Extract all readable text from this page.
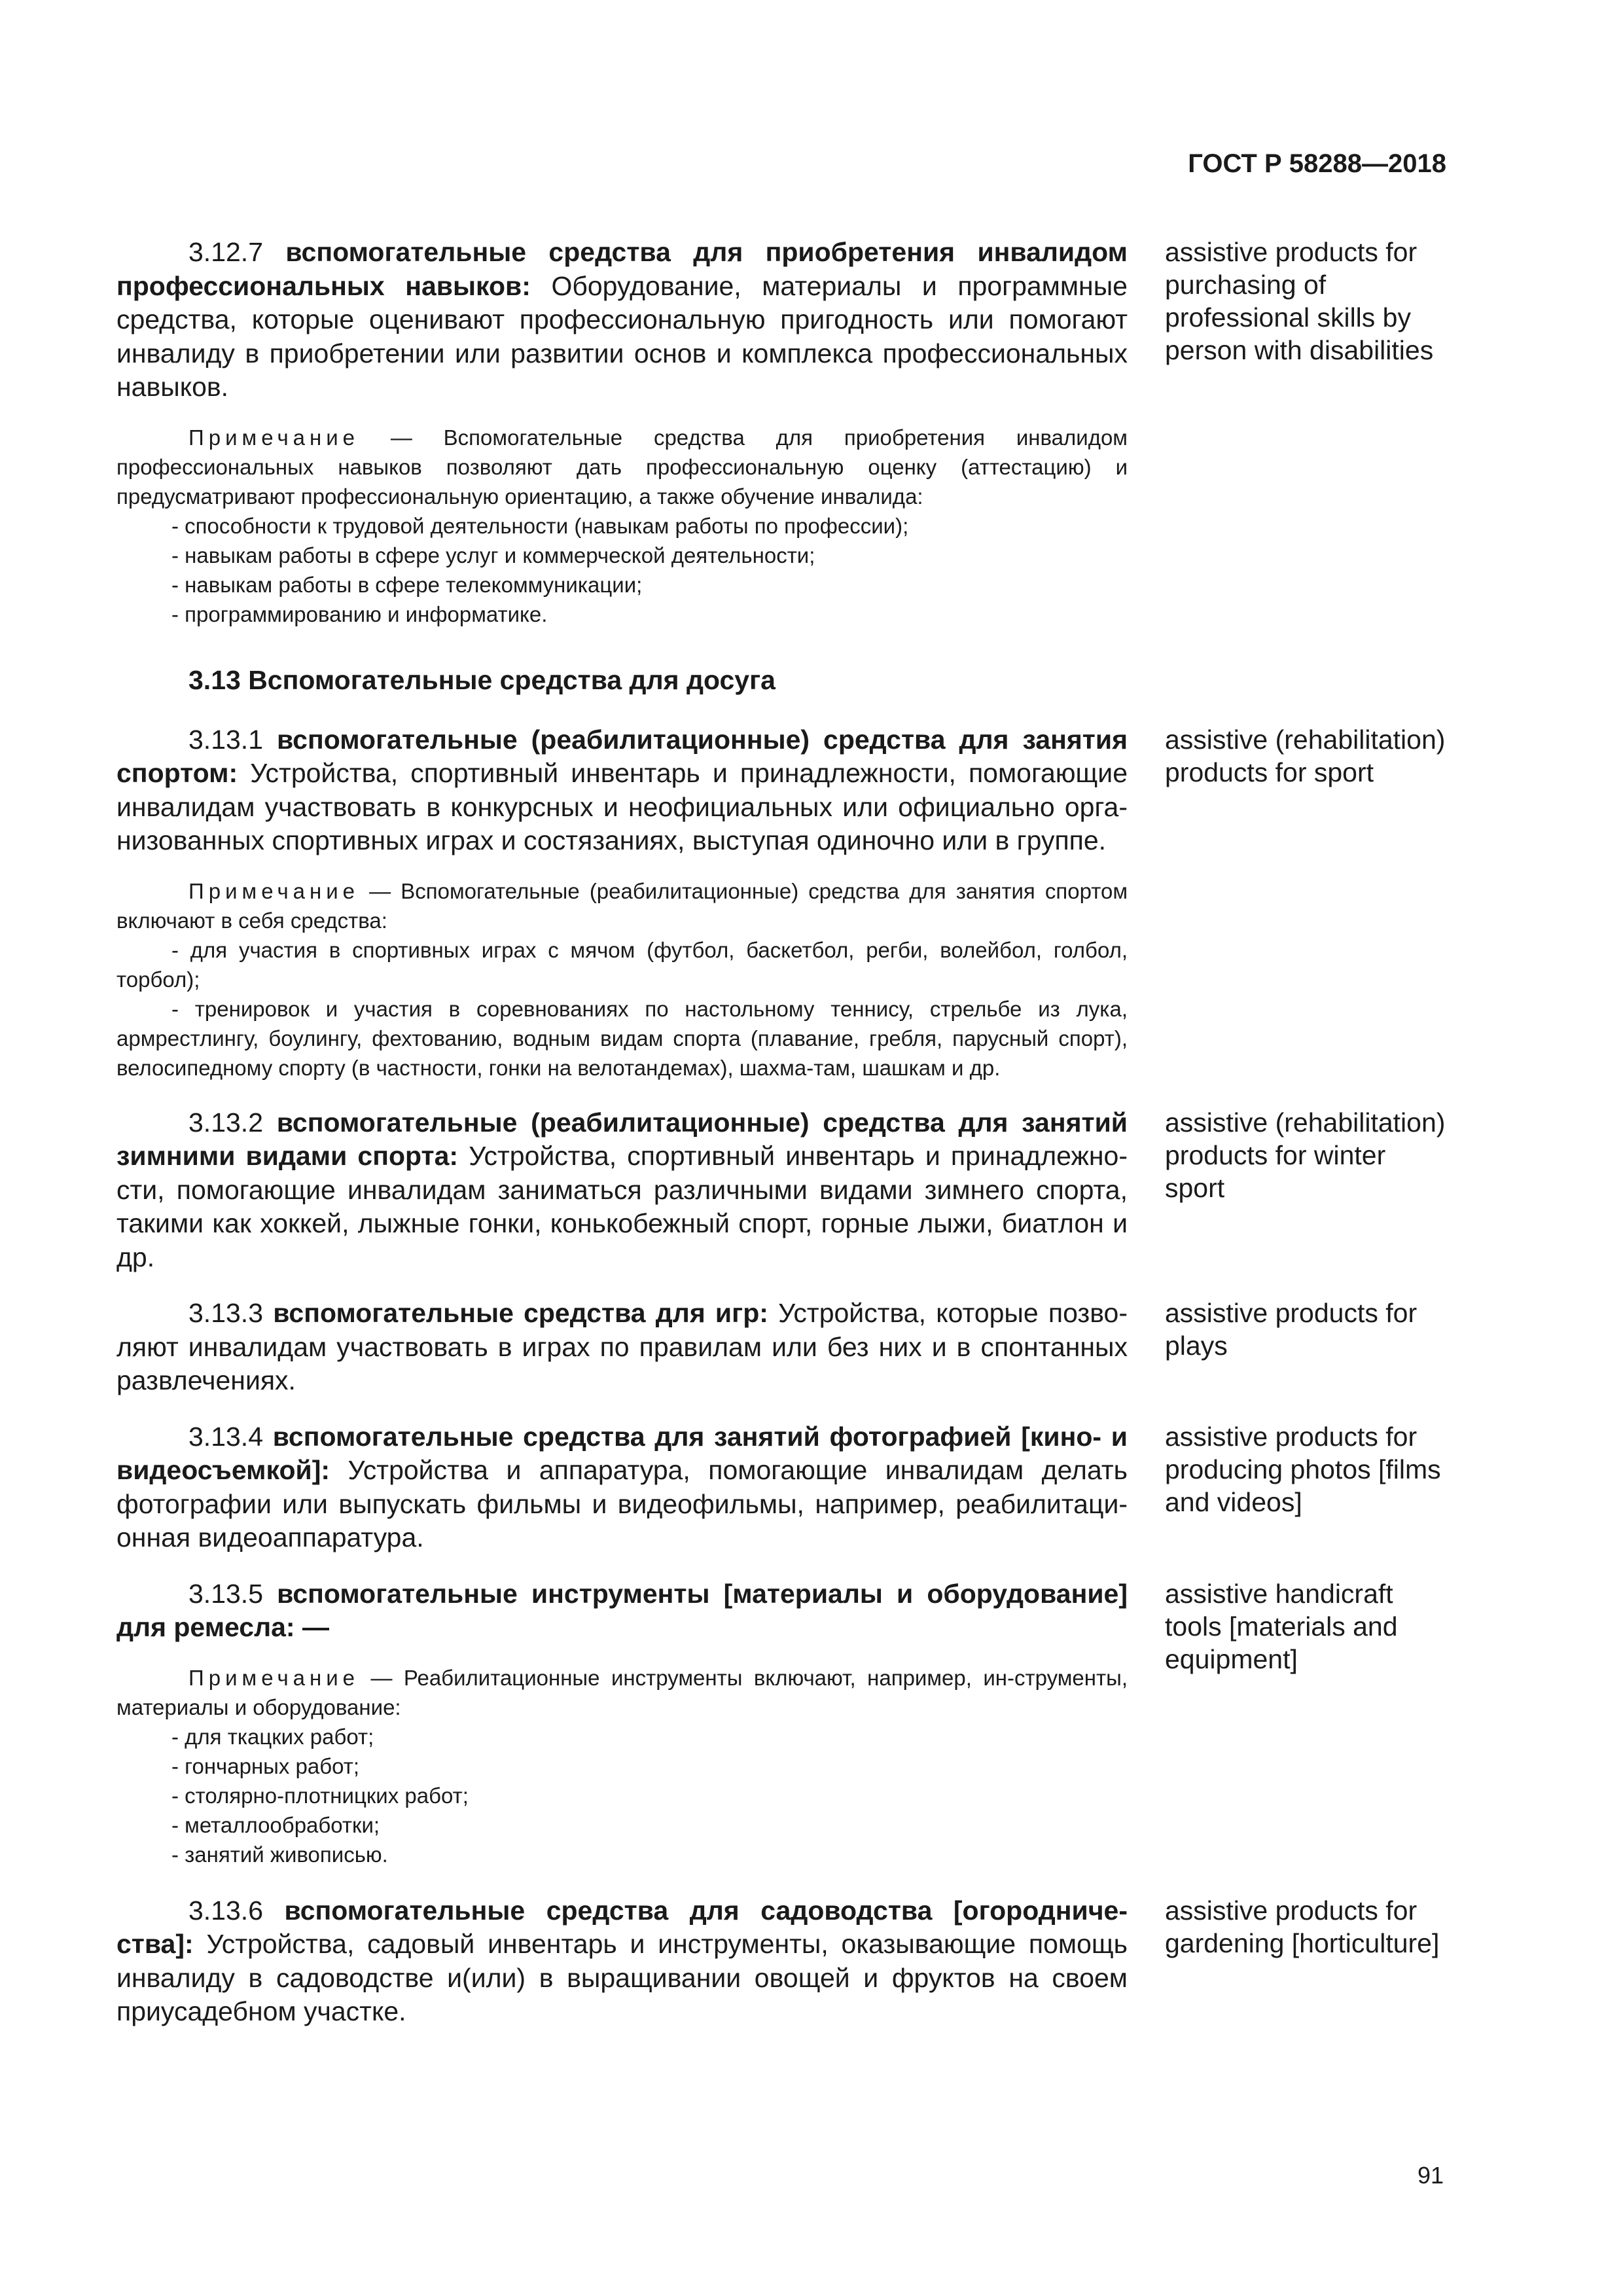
ГОСТ Р 58288—2018

3.12.7 вспомогательные средства для приобретения инвалидом профессиональных навыков: Оборудование, материалы и программные средства, которые оценивают профессиональную пригодность или помогают инвалиду в приобретении или развитии основ и комплекса профессиональных навыков.

assistive products for purchasing of professional skills by person with disabilities

Примечание — Вспомогательные средства для приобретения инвалидом профессиональных навыков позволяют дать профессиональную оценку (аттестацию) и предусматривают профессиональную ориентацию, а также обучение инвалида:

- способности к трудовой деятельности (навыкам работы по профессии);
- навыкам работы в сфере услуг и коммерческой деятельности;
- навыкам работы в сфере телекоммуникации;
- программированию и информатике.

3.13 Вспомогательные средства для досуга

3.13.1 вспомогательные (реабилитационные) средства для занятия спортом: Устройства, спортивный инвентарь и принадлежности, помогающие инвалидам участвовать в конкурсных и неофициальных или официально орга-низованных спортивных играх и состязаниях, выступая одиночно или в группе.

assistive (rehabilitation) products for sport

Примечание — Вспомогательные (реабилитационные) средства для занятия спортом включают в себя средства:

- для участия в спортивных играх с мячом (футбол, баскетбол, регби, волейбол, голбол, торбол);
- тренировок и участия в соревнованиях по настольному теннису, стрельбе из лука, армрестлингу, боулингу, фехтованию, водным видам спорта (плавание, гребля, парусный спорт), велосипедному спорту (в частности, гонки на велотандемах), шахма-там, шашкам и др.

3.13.2 вспомогательные (реабилитационные) средства для занятий зимними видами спорта: Устройства, спортивный инвентарь и принадлежно-сти, помогающие инвалидам заниматься различными видами зимнего спорта, такими как хоккей, лыжные гонки, конькобежный спорт, горные лыжи, биатлон и др.

assistive (rehabilitation) products for winter sport

3.13.3 вспомогательные средства для игр: Устройства, которые позво-ляют инвалидам участвовать в играх по правилам или без них и в спонтанных развлечениях.

assistive products for plays

3.13.4 вспомогательные средства для занятий фотографией [кино- и видеосъемкой]: Устройства и аппаратура, помогающие инвалидам делать фотографии или выпускать фильмы и видеофильмы, например, реабилитаци-онная видеоаппаратура.

assistive products for producing photos [films and videos]

3.13.5 вспомогательные инструменты [материалы и оборудование] для ремесла: —

Примечание — Реабилитационные инструменты включают, например, ин-струменты, материалы и оборудование:

- для ткацких работ;
- гончарных работ;
- столярно-плотницких работ;
- металлообработки;
- занятий живописью.
assistive handicraft tools [materials and equipment]

3.13.6 вспомогательные средства для садоводства [огородниче-ства]: Устройства, садовый инвентарь и инструменты, оказывающие помощь инвалиду в садоводстве и(или) в выращивании овощей и фруктов на своем приусадебном участке.

assistive products for gardening [horticulture]
91
